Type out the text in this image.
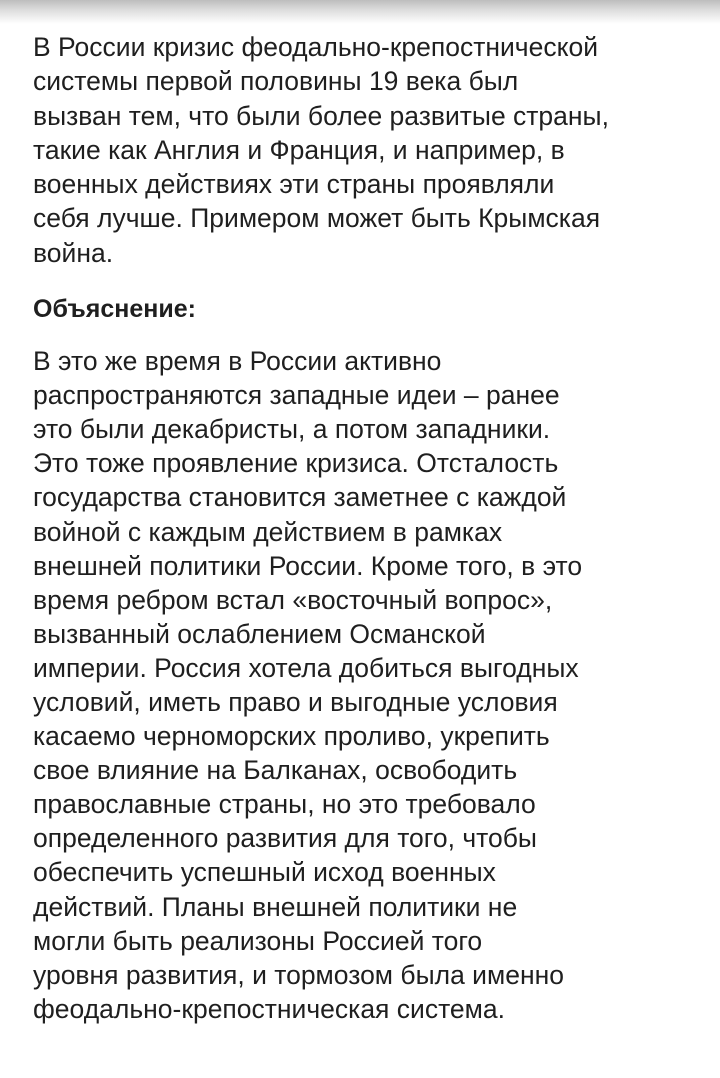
В России кризис феодально-крепостнической
системы первой половины 19 века был
вызван тем, что были более развитые страны,
такие как Англия и Франция, и например, в
военных действиях эти страны проявляли
себя лучше. Примером может быть Крымская
война.

Объяснение:

В это же время в России активно
распространяются западные идеи – ранее
это были декабристы, а потом западники.
Это тоже проявление кризиса. Отсталость
государства становится заметнее с каждой
войной с каждым действием в рамках
внешней политики России. Кроме того, в это
время ребром встал «восточный вопрос»,
вызванный ослаблением Османской
империи. Россия хотела добиться выгодных
условий, иметь право и выгодные условия
касаемо черноморских проливо, укрепить
свое влияние на Балканах, освободить
православные страны, но это требовало
определенного развития для того, чтобы
обеспечить успешный исход военных
действий. Планы внешней политики не
могли быть реализоны Россией того
уровня развития, и тормозом была именно
феодально-крепостническая система.
